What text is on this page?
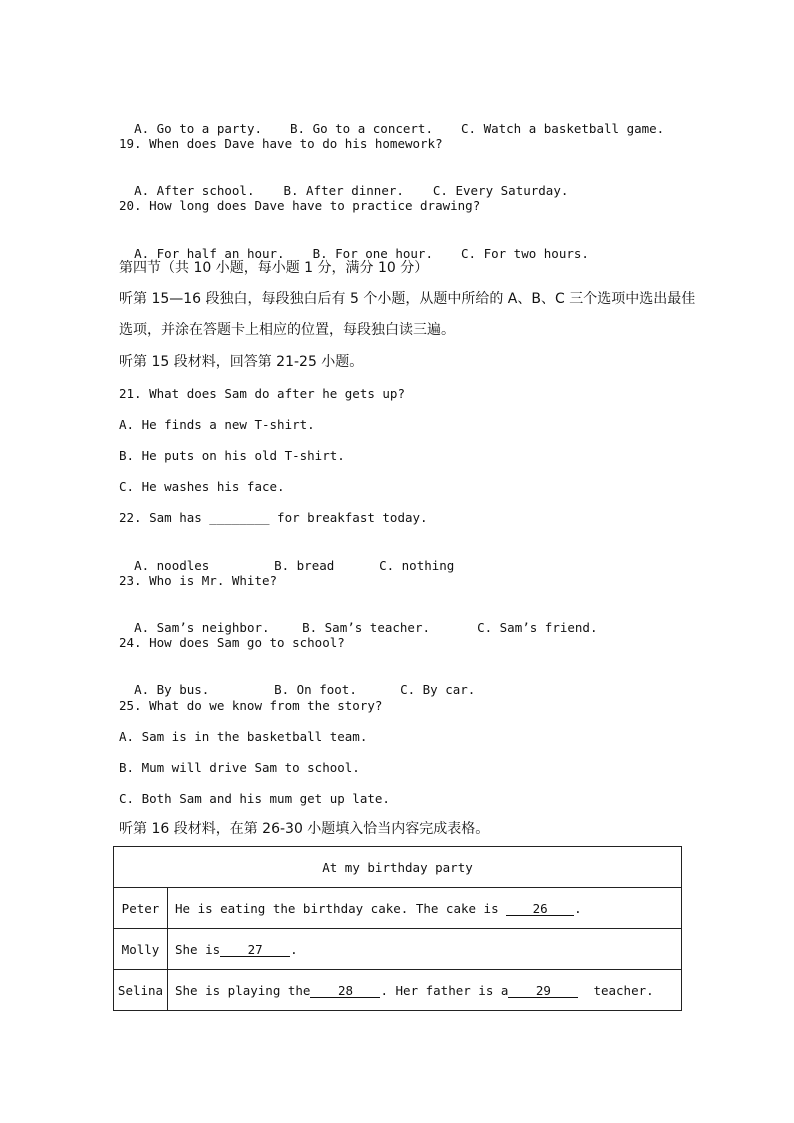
A. Go to a party. B. Go to a concert. C. Watch a basketball game.

19. When does Dave have to do his homework?

A. After school. B. After dinner. C. Every Saturday.

20. How long does Dave have to practice drawing?

A. For half an hour. B. For one hour. C. For two hours.

第四节（共 10 小题，每小题 1 分，满分 10 分）
听第 15—16 段独白，每段独白后有 5 个小题，从题中所给的 A、B、C 三个选项中选出最佳
选项，并涂在答题卡上相应的位置，每段独白读三遍。
听第 15 段材料，回答第 21-25 小题。
21. What does Sam do after he gets up?
A. He finds a new T-shirt.
B. He puts on his old T-shirt.
C. He washes his face.
22. Sam has ________ for breakfast today.

A. noodles	B. bread	C. nothing

23. Who is Mr. White?

A. Sam’s neighbor.	B. Sam’s teacher.	C. Sam’s friend.

24. How does Sam go to school?

A. By bus.	B. On foot.	C. By car.

25. What do we know from the story?
A. Sam is in the basketball team.
B. Mum will drive Sam to school.
C. Both Sam and his mum get up late.
听第 16 段材料，在第 26-30 小题填入恰当内容完成表格。
At my birthday party	
Peter	He is eating the birthday cake. The cake is 26 .
Molly	She is 27 .
Selina	She is playing the 28 . Her father is a 29  teacher.
